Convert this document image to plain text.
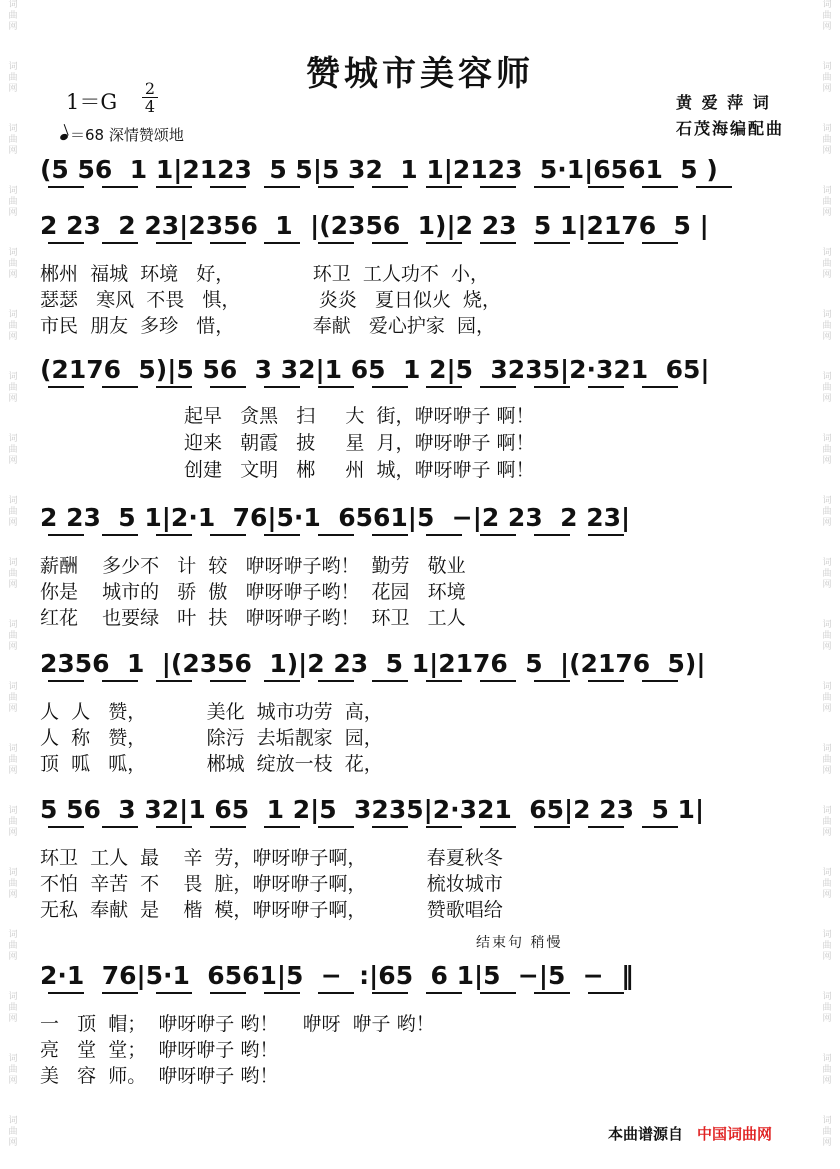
词
曲
网
词
曲
网
词
曲
网
词
曲
网
词
曲
网
词
曲
网
词
曲
网
词
曲
网
词
曲
网
词
曲
网
词
曲
网
词
曲
网
词
曲
网
词
曲
网
词
曲
网
词
曲
网
词
曲
网
词
曲
网
词
曲
网
词
曲
网
词
曲
网
词
曲
网
词
曲
网
词
曲
网
词
曲
网
词
曲
网
词
曲
网
词
曲
网
词
曲
网
词
曲
网
词
曲
网
词
曲
网
词
曲
网
词
曲
网
词
曲
网
词
曲
网
词
曲
网
词
曲
网
赞城市美容师
1＝G
2
4
＝68 深情赞颂地
黄 爱 萍 词
石茂海编配曲
(5 56  1 1|2123  5 5|5 32  1 1|2123  5·1|6561  5 )
2 23  2 23|2356  1  |(2356  1)|2 23  5 1|2176  5 |
(2176  5)|5 56  3 32|1 65  1 2|5  3235|2·321  65|
2 23  5 1|2·1  76|5·1  6561|5  −|2 23  2 23|
2356  1  |(2356  1)|2 23  5 1|2176  5  |(2176  5)|
5 56  3 32|1 65  1 2|5  3235|2·321  65|2 23  5 1|
2·1  76|5·1  6561|5  −  :|65  6 1|5  −|5  −  ‖
郴州  福城  环境   好，             环卫  工人功不  小，
瑟瑟   寒风  不畏   惧，             炎炎   夏日似火  烧，
市民  朋友  多珍   惜，             奉献   爱心护家  园，
起早   贪黑   扫     大  街，咿呀咿子 啊！
迎来   朝霞   披     星  月，咿呀咿子 啊！
创建   文明   郴     州  城，咿呀咿子 啊！
薪酬    多少不   计  较   咿呀咿子哟！  勤劳   敬业
你是    城市的   骄  傲   咿呀咿子哟！  花园   环境
红花    也要绿   叶  扶   咿呀咿子哟！  环卫   工人
人  人   赞，          美化  城市功劳  高，
人  称   赞，          除污  去垢靓家  园，
顶  呱   呱，          郴城  绽放一枝  花，
环卫  工人  最    辛  劳，咿呀咿子啊，          春夏秋冬
不怕  辛苦  不    畏  脏，咿呀咿子啊，          梳妆城市
无私  奉献  是    楷  模，咿呀咿子啊，          赞歌唱给
结束句 稍慢
一   顶  帽；  咿呀咿子 哟！    咿呀  咿子 哟！
亮   堂  堂；  咿呀咿子 哟！
美   容  师。  咿呀咿子 哟！
本曲谱源自 中国词曲网
